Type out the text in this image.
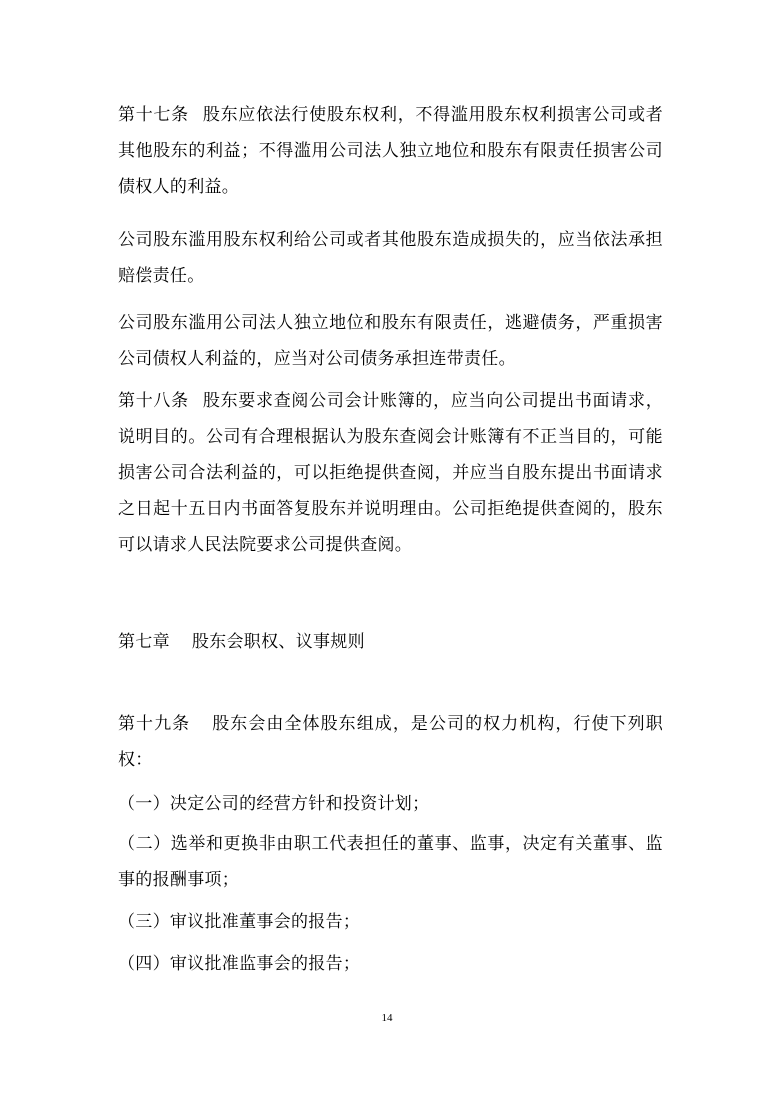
第十七条 股东应依法行使股东权利，不得滥用股东权利损害公司或者其他股东的利益；不得滥用公司法人独立地位和股东有限责任损害公司债权人的利益。

公司股东滥用股东权利给公司或者其他股东造成损失的，应当依法承担赔偿责任。

公司股东滥用公司法人独立地位和股东有限责任，逃避债务，严重损害公司债权人利益的，应当对公司债务承担连带责任。

第十八条 股东要求查阅公司会计账簿的，应当向公司提出书面请求，说明目的。公司有合理根据认为股东查阅会计账簿有不正当目的，可能损害公司合法利益的，可以拒绝提供查阅，并应当自股东提出书面请求之日起十五日内书面答复股东并说明理由。公司拒绝提供查阅的，股东可以请求人民法院要求公司提供查阅。

第七章 股东会职权、议事规则

第十九条 股东会由全体股东组成，是公司的权力机构，行使下列职权：

（一）决定公司的经营方针和投资计划；

（二）选举和更换非由职工代表担任的董事、监事，决定有关董事、监事的报酬事项；

（三）审议批准董事会的报告；

（四）审议批准监事会的报告；

14
